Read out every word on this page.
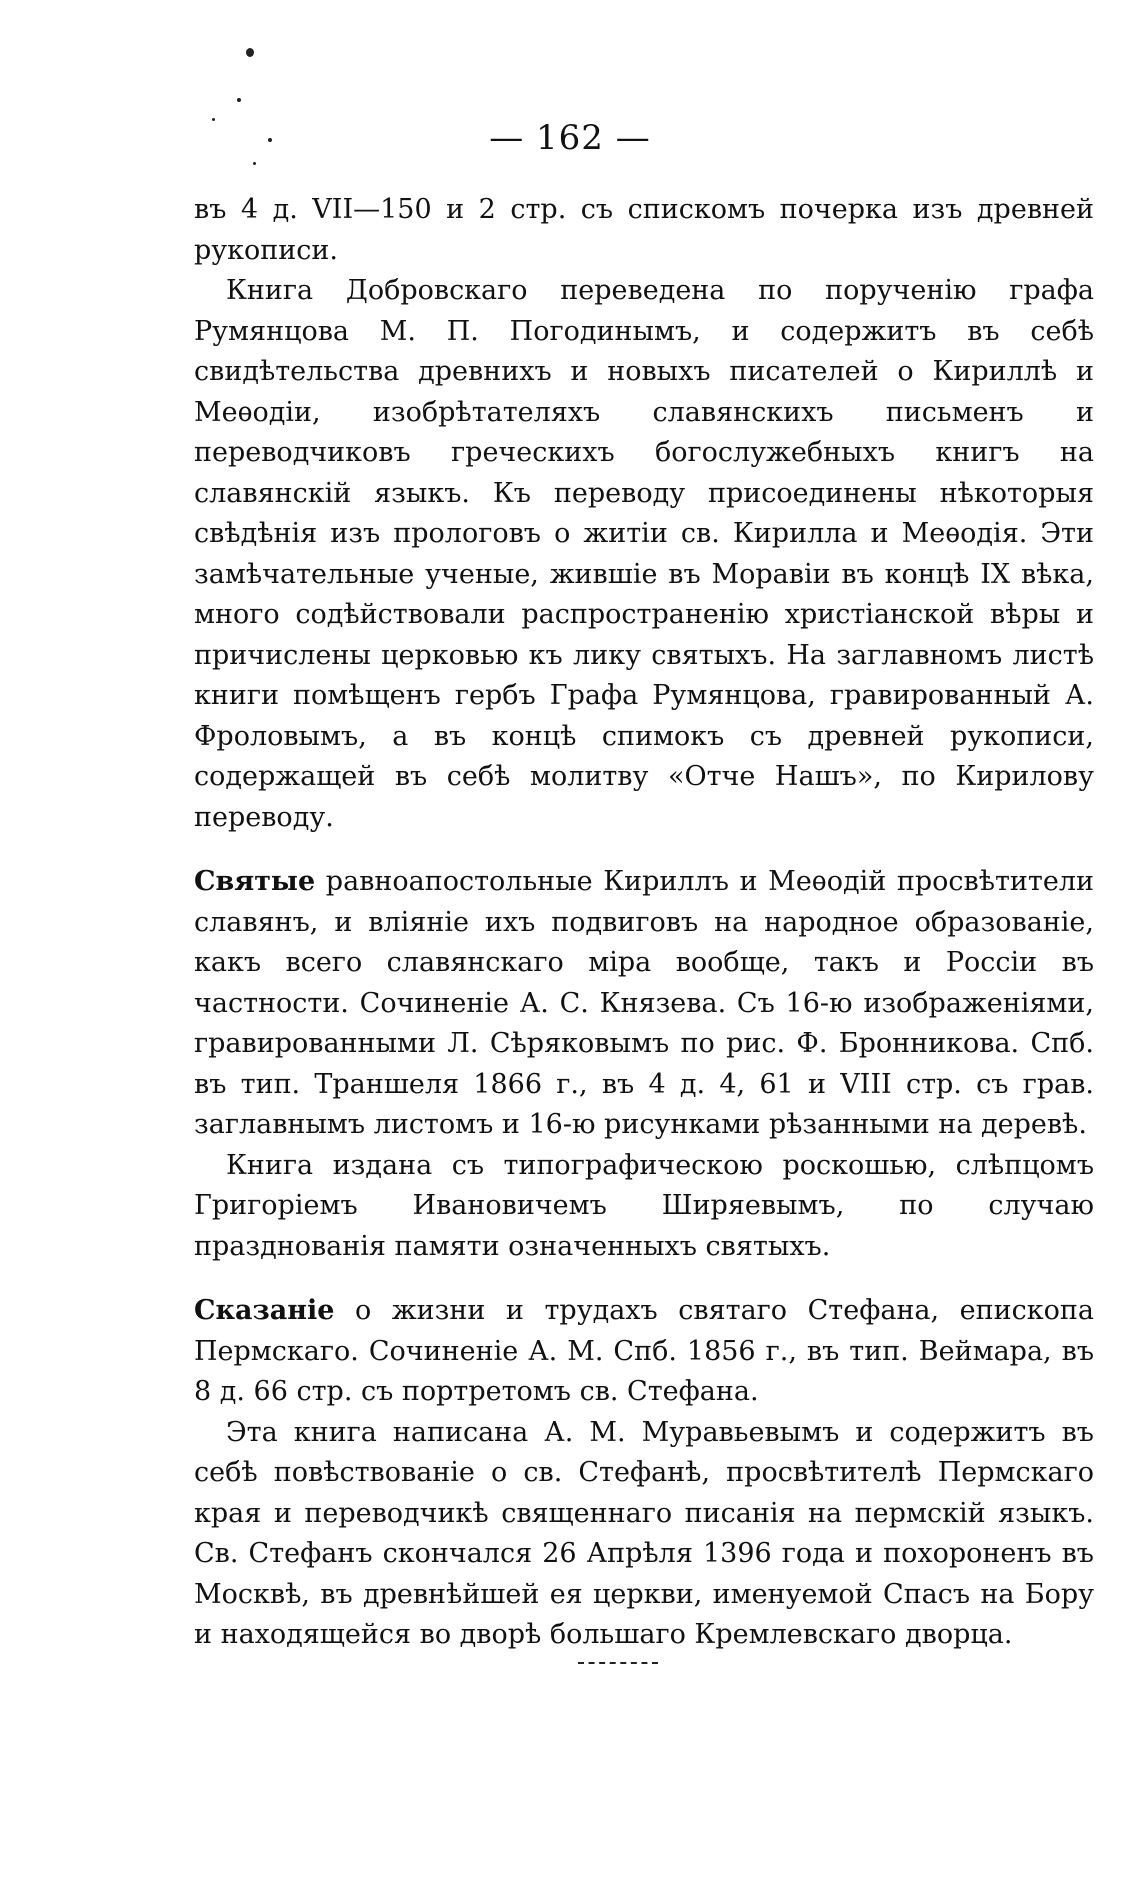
— 162 —

въ 4 д. VII—150 и 2 стр. съ спискомъ почерка изъ древней рукописи.

Книга Добровскаго переведена по порученію графа Румянцова М. П. Погодинымъ, и содержитъ въ себѣ свидѣтельства древнихъ и новыхъ писателей о Кириллѣ и Меѳодіи, изобрѣтателяхъ славянскихъ письменъ и переводчиковъ греческихъ богослужебныхъ книгъ на славянскій языкъ. Къ переводу присоединены нѣкоторыя свѣдѣнія изъ прологовъ о житіи св. Кирилла и Меѳодія. Эти замѣчательные ученые, жившіе въ Моравіи въ концѣ IX вѣка, много содѣйствовали распространенію христіанской вѣры и причислены церковью къ лику святыхъ. На заглавномъ листѣ книги помѣщенъ гербъ Графа Румянцова, гравированный А. Фроловымъ, а въ концѣ спимокъ съ древней рукописи, содержащей въ себѣ молитву «Отче Нашъ», по Кирилову переводу.

Святые равноапостольные Кириллъ и Меѳодій просвѣтители славянъ, и вліяніе ихъ подвиговъ на народное образованіе, какъ всего славянскаго міра вообще, такъ и Россіи въ частности. Сочиненіе А. С. Князева. Съ 16-ю изображеніями, гравированными Л. Сѣряковымъ по рис. Ф. Бронникова. Спб. въ тип. Траншеля 1866 г., въ 4 д. 4, 61 и VIII стр. съ грав. заглавнымъ листомъ и 16-ю рисунками рѣзанными на деревѣ.

Книга издана съ типографическою роскошью, слѣпцомъ Григоріемъ Ивановичемъ Ширяевымъ, по случаю празднованія памяти означенныхъ святыхъ.

Сказаніе о жизни и трудахъ святаго Стефана, епископа Пермскаго. Сочиненіе А. М. Спб. 1856 г., въ тип. Веймара, въ 8 д. 66 стр. съ портретомъ св. Стефана.

Эта книга написана А. М. Муравьевымъ и содержитъ въ себѣ повѣствованіе о св. Стефанѣ, просвѣтителѣ Пермскаго края и переводчикѣ священнаго писанія на пермскій языкъ. Св. Стефанъ скончался 26 Апрѣля 1396 года и похороненъ въ Москвѣ, въ древнѣйшей ея церкви, именуемой Спасъ на Бору и находящейся во дворѣ большаго Кремлевскаго дворца.
